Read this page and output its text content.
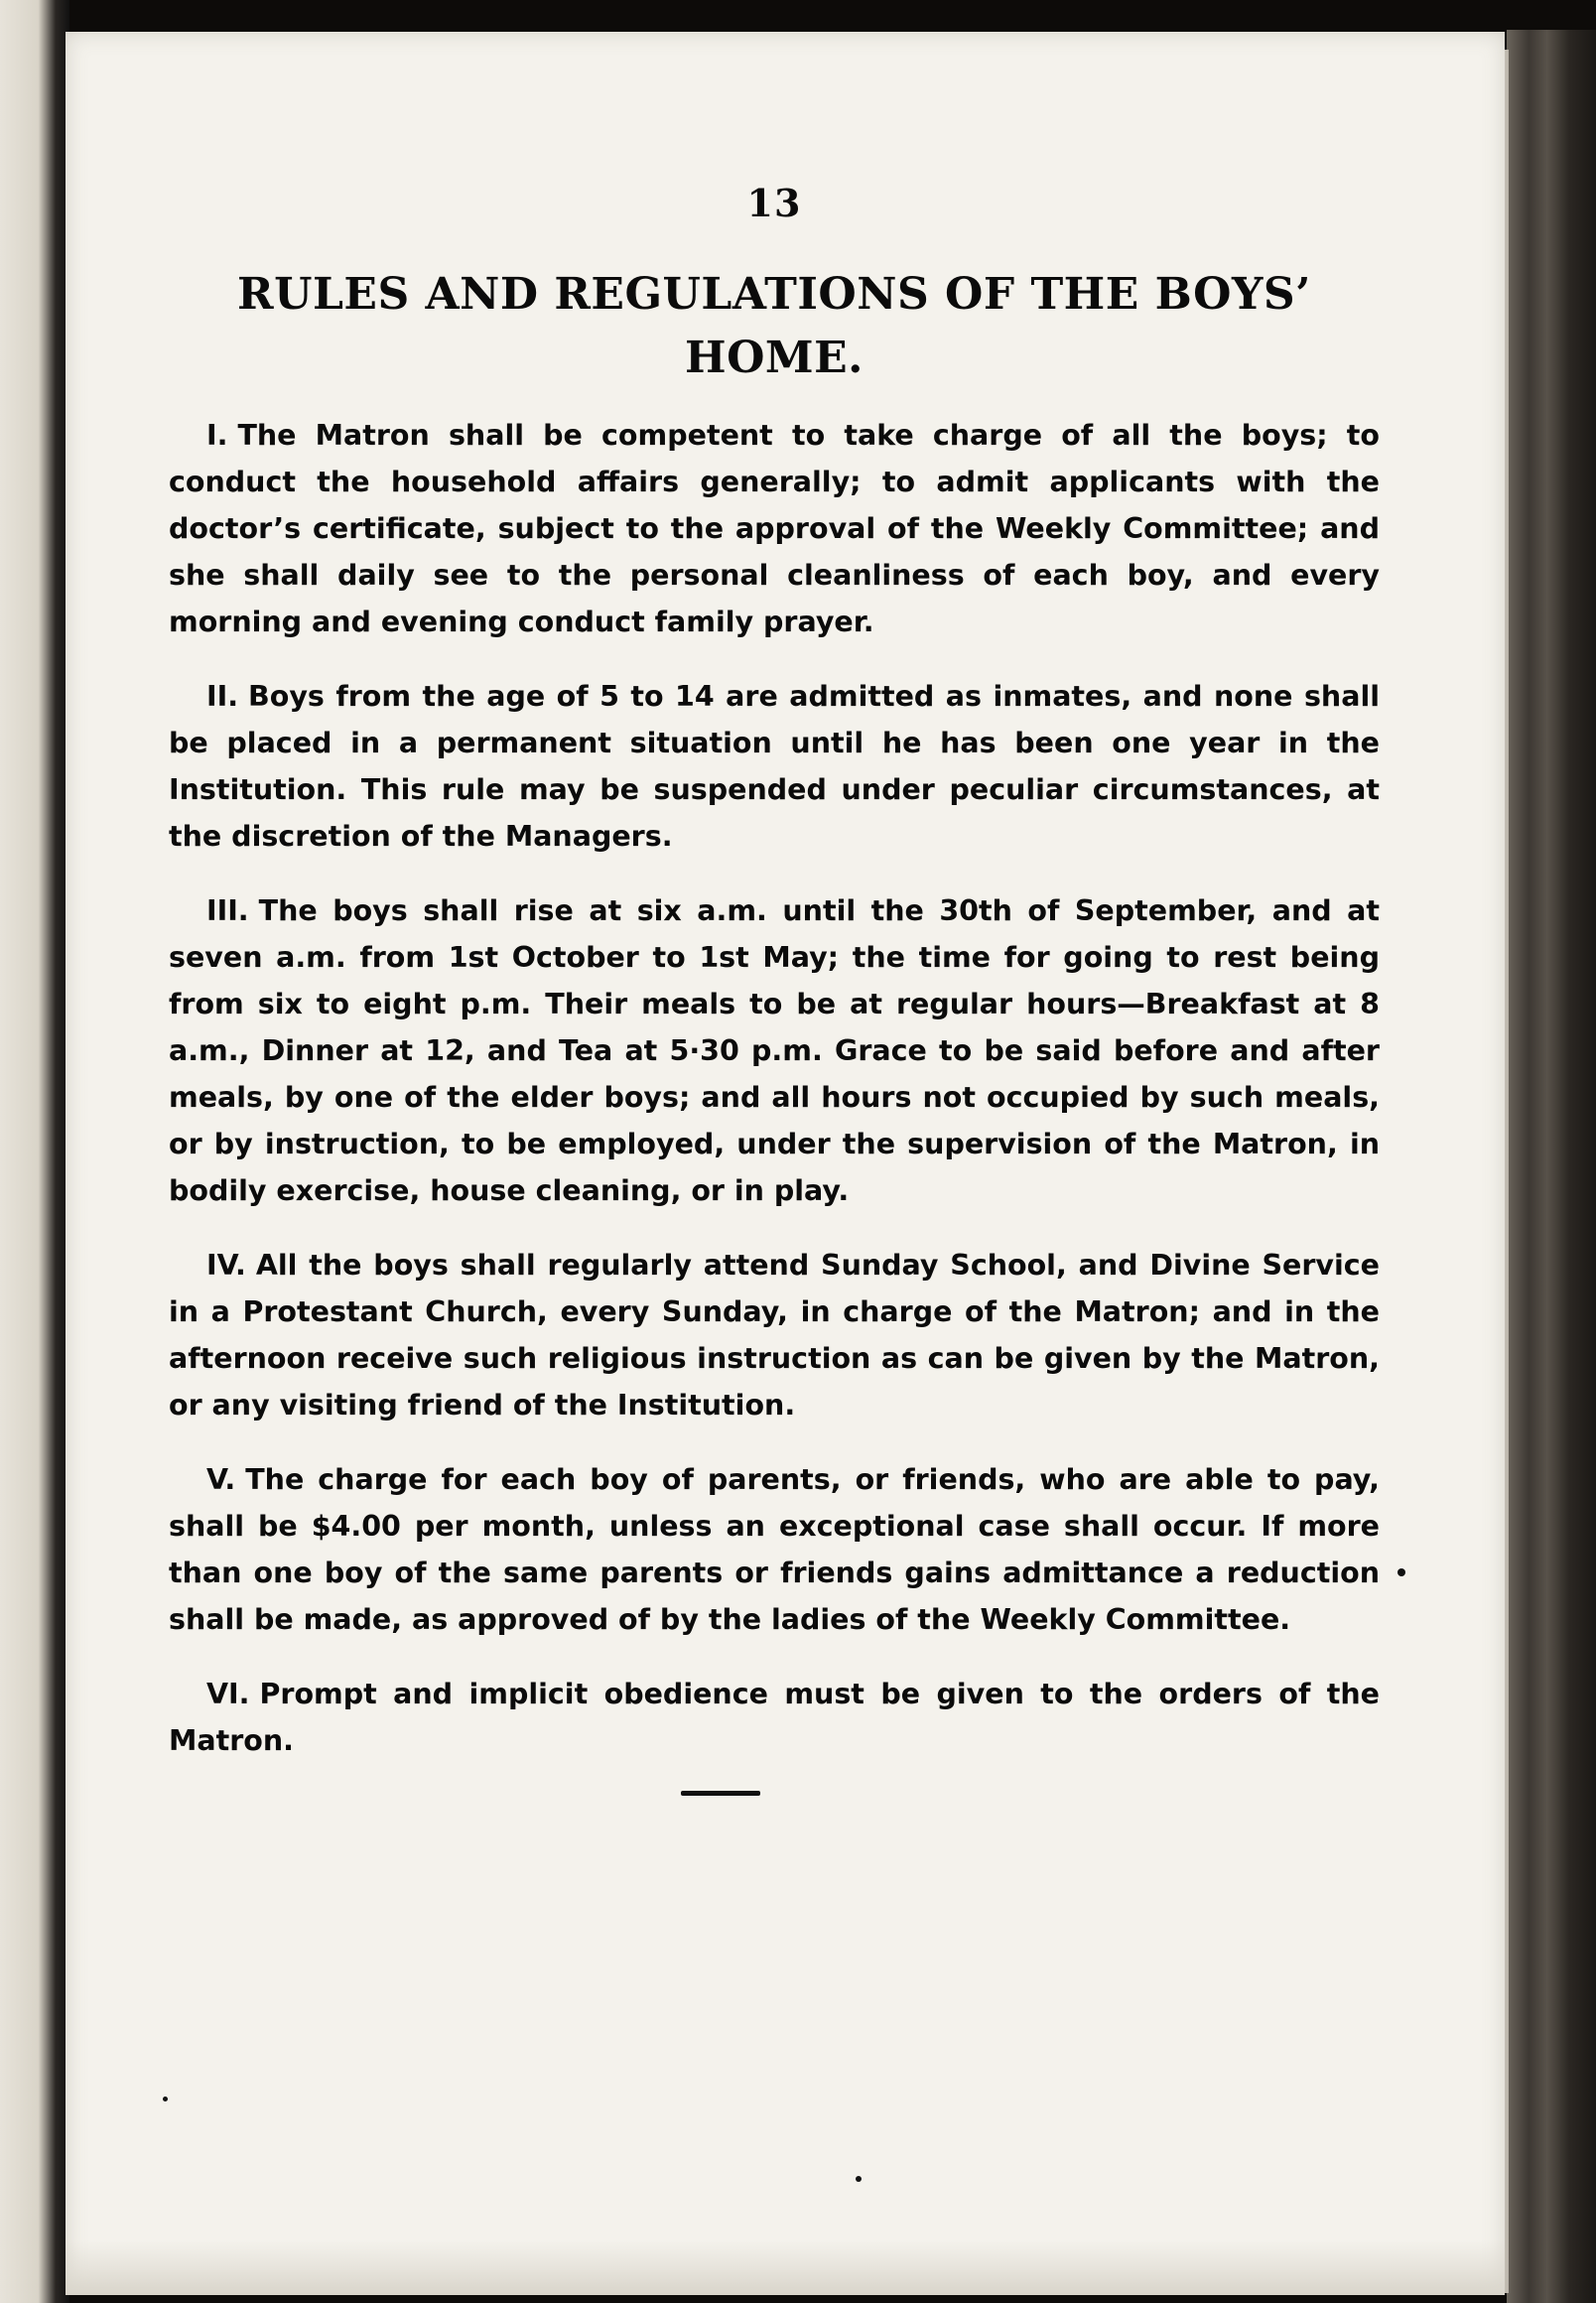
13
RULES AND REGULATIONS OF THE BOYS’
HOME.

I. The Matron shall be competent to take charge of all the boys; to conduct the household affairs generally; to admit applicants with the doctor’s certificate, subject to the approval of the Weekly Committee; and she shall daily see to the personal cleanliness of each boy, and every morning and evening conduct family prayer.

II. Boys from the age of 5 to 14 are admitted as inmates, and none shall be placed in a permanent situation until he has been one year in the Institution. This rule may be suspended under peculiar circumstances, at the discretion of the Managers.

III. The boys shall rise at six a.m. until the 30th of September, and at seven a.m. from 1st October to 1st May; the time for going to rest being from six to eight p.m. Their meals to be at regular hours—Breakfast at 8 a.m., Dinner at 12, and Tea at 5·30 p.m. Grace to be said before and after meals, by one of the elder boys; and all hours not occupied by such meals, or by instruction, to be employed, under the supervision of the Matron, in bodily exercise, house cleaning, or in play.

IV. All the boys shall regularly attend Sunday School, and Divine Service in a Protestant Church, every Sunday, in charge of the Matron; and in the afternoon receive such religious instruction as can be given by the Matron, or any visiting friend of the Institution.

V. The charge for each boy of parents, or friends, who are able to pay, shall be $4.00 per month, unless an exceptional case shall occur. If more than one boy of the same parents or friends gains admittance a reduction shall be made, as approved of by the ladies of the Weekly Committee.

VI. Prompt and implicit obedience must be given to the orders of the Matron.
